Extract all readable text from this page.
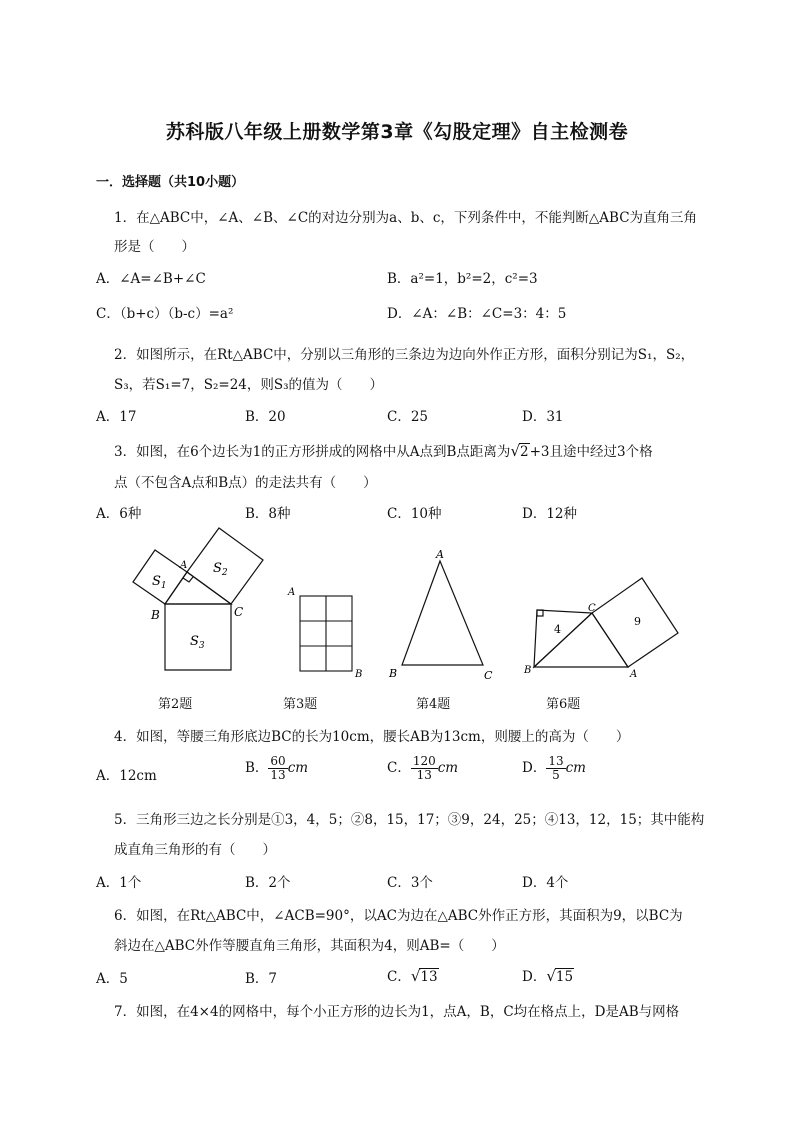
苏科版八年级上册数学第3章《勾股定理》自主检测卷
一．选择题（共10小题）
1．在△ABC中，∠A、∠B、∠C的对边分别为a、b、c，下列条件中，不能判断△ABC为直角三角
形是（　　）
A．∠A=∠B+∠C	B．a²=1，b²=2，c²=3
C．（b+c）（b-c）=a²	D．∠A：∠B：∠C=3：4：5
2．如图所示，在Rt△ABC中，分别以三角形的三条边为边向外作正方形，面积分别记为S₁，S₂，
S₃，若S₁=7，S₂=24，则S₃的值为（　　）
A．17	B．20	C．25	D．31
3．如图，在6个边长为1的正方形拼成的网格中从A点到B点距离为√2+3且途中经过3个格
点（不包含A点和B点）的走法共有（　　）
A．6种	B．8种	C．10种	D．12种
$S_1$
$S_2$
$S_3$
A
B	C
A
B
A
B	C
4
9
C
B	A
第2题	第3题	第4题	第6题
4．如图，等腰三角形底边BC的长为10cm，腰长AB为13cm，则腰上的高为（　　）
A．12cm	B． $\frac{60}{13}$ cm	C． $\frac{120}{13}$ cm	D． $\frac{13}{5}$ cm
5．三角形三边之长分别是①3，4，5；②8，15，17；③9，24，25；④13，12，15；其中能构
成直角三角形的有（　　）
A．1个	B．2个	C．3个	D．4个
6．如图，在Rt△ABC中，∠ACB=90°，以AC为边在△ABC外作正方形，其面积为9，以BC为
斜边在△ABC外作等腰直角三角形，其面积为4，则AB=（　　）
A．5	B．7	C．√13	D．√15
7．如图，在4×4的网格中，每个小正方形的边长为1，点A，B，C均在格点上，D是AB与网格
